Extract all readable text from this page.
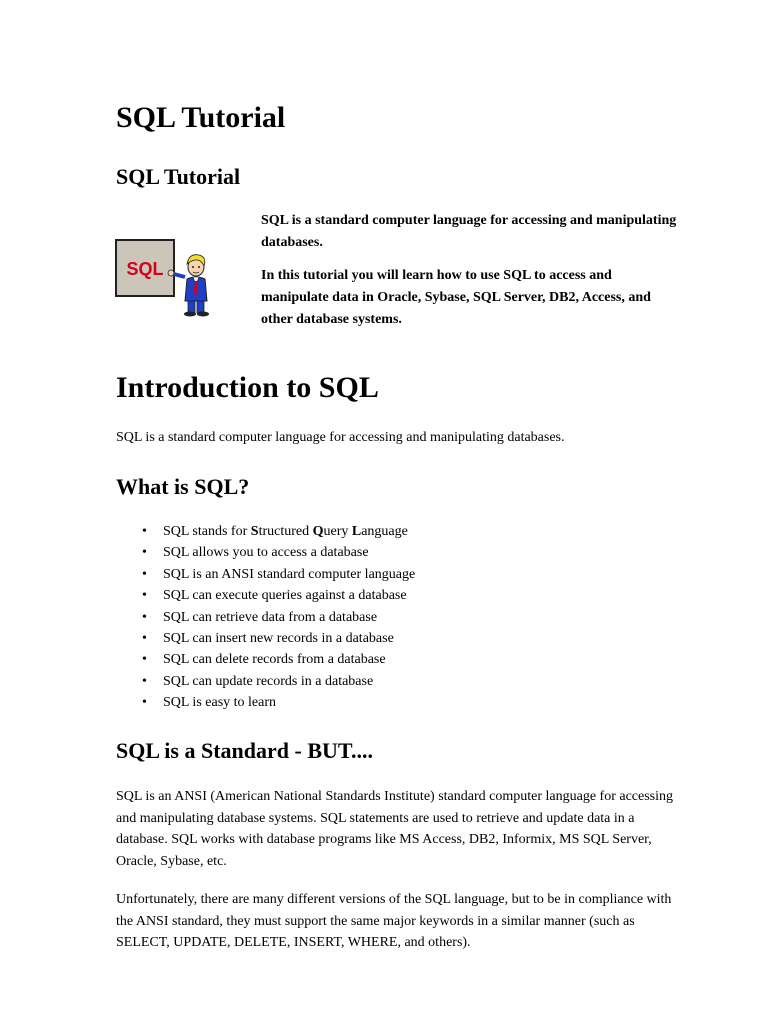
SQL Tutorial
SQL Tutorial
SQL

SQL is a standard computer language for accessing and manipulating databases.

In this tutorial you will learn how to use SQL to access and manipulate data in Oracle, Sybase, SQL Server, DB2, Access, and other database systems.

Introduction to SQL

SQL is a standard computer language for accessing and manipulating databases.

What is SQL?
• SQL stands for Structured Query Language
• SQL allows you to access a database
• SQL is an ANSI standard computer language
• SQL can execute queries against a database
• SQL can retrieve data from a database
• SQL can insert new records in a database
• SQL can delete records from a database
• SQL can update records in a database
• SQL is easy to learn
SQL is a Standard - BUT....

SQL is an ANSI (American National Standards Institute) standard computer language for accessing and manipulating database systems. SQL statements are used to retrieve and update data in a database. SQL works with database programs like MS Access, DB2, Informix, MS SQL Server, Oracle, Sybase, etc.

Unfortunately, there are many different versions of the SQL language, but to be in compliance with the ANSI standard, they must support the same major keywords in a similar manner (such as SELECT, UPDATE, DELETE, INSERT, WHERE, and others).
